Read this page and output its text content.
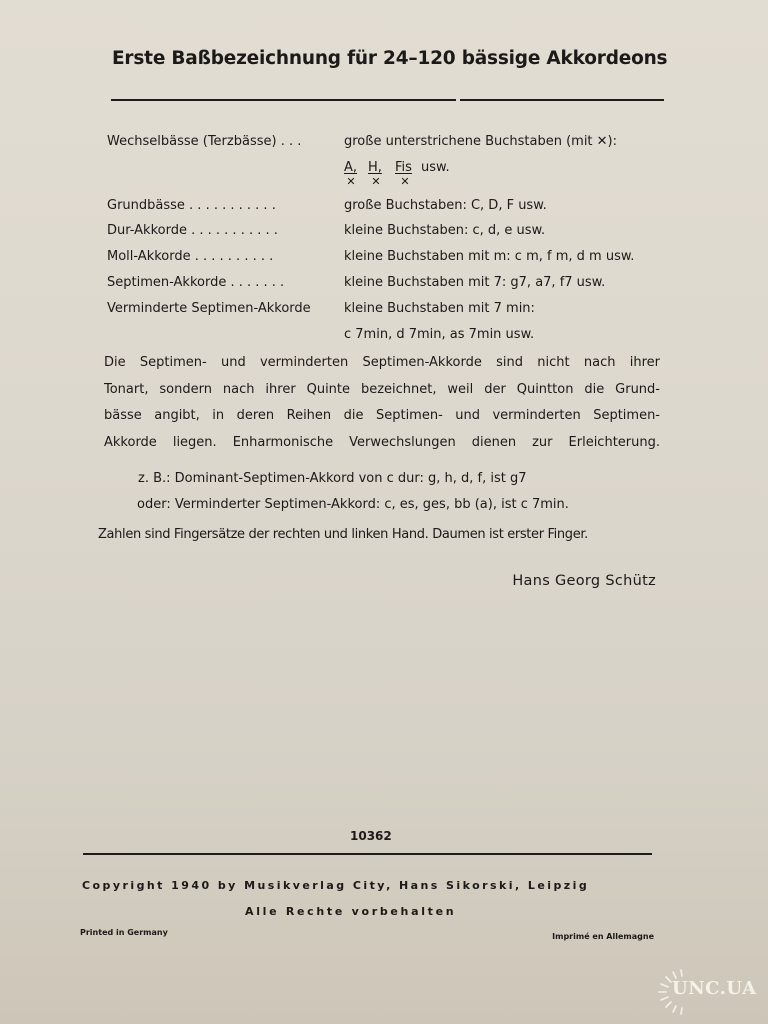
Erste Baßbezeichnung für 24–120 bässige Akkordeons
Wechselbässe (Terzbässe) . . .	große unterstrichene Buchstaben (mit ✕):
A, H, Fis usw.
✕ ✕ ✕
Grundbässe . . . . . . . . . . .	große Buchstaben: C, D, F usw.
Dur-Akkorde . . . . . . . . . . .	kleine Buchstaben: c, d, e usw.
Moll-Akkorde . . . . . . . . . .	kleine Buchstaben mit m: c m, f m, d m usw.
Septimen-Akkorde . . . . . . .	kleine Buchstaben mit 7: g7, a7, f7 usw.
Verminderte Septimen-Akkorde	kleine Buchstaben mit 7 min:
c 7min, d 7min, as 7min usw.
Die Septimen- und verminderten Septimen-Akkorde sind nicht nach ihrer
Tonart, sondern nach ihrer Quinte bezeichnet, weil der Quintton die Grund-
bässe angibt, in deren Reihen die Septimen- und verminderten Septimen-
Akkorde liegen. Enharmonische Verwechslungen dienen zur Erleichterung.
z. B.: Dominant-Septimen-Akkord von c dur: g, h, d, f, ist g7
oder: Verminderter Septimen-Akkord: c, es, ges, bb (a), ist c 7min.
Zahlen sind Fingersätze der rechten und linken Hand. Daumen ist erster Finger.
Hans Georg Schütz
10362
Copyright 1940 by Musikverlag City, Hans Sikorski, Leipzig
Alle Rechte vorbehalten
Printed in Germany	Imprimé en Allemagne
UNC.UA
